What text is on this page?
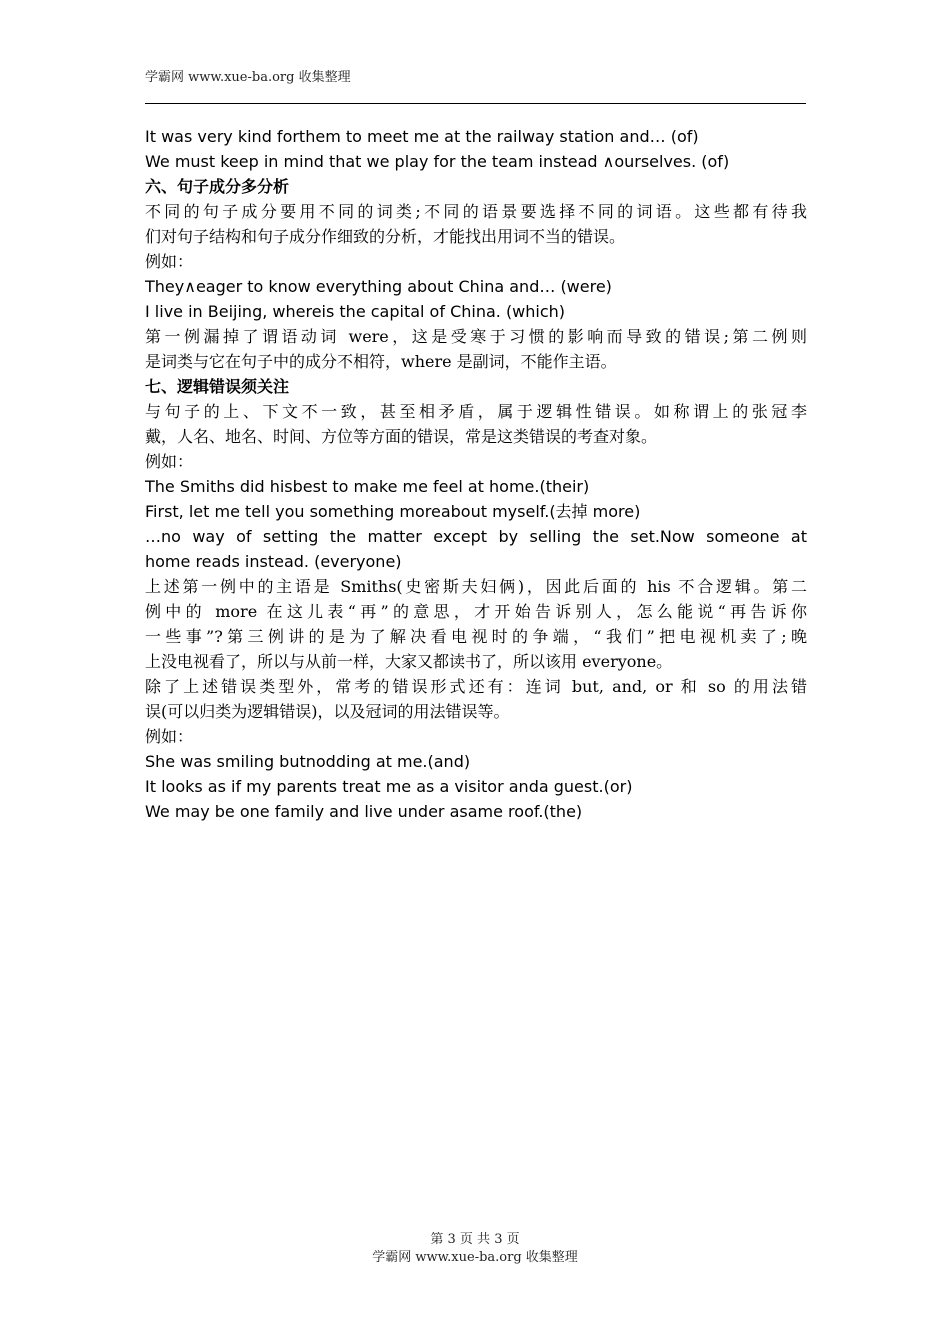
学霸网 www.xue-ba.org 收集整理
It was very kind forthem to meet me at the railway station and… (of)
We must keep in mind that we play for the team instead ∧ourselves. (of)
六、句子成分多分析
不同的句子成分要用不同的词类;不同的语景要选择不同的词语。这些都有待我
们对句子结构和句子成分作细致的分析，才能找出用词不当的错误。
例如：
They∧eager to know everything about China and… (were)
I live in Beijing, whereis the capital of China. (which)
第一例漏掉了谓语动词 were，这是受寒于习惯的影响而导致的错误;第二例则
是词类与它在句子中的成分不相符，where 是副词，不能作主语。
七、逻辑错误须关注
与句子的上、下文不一致，甚至相矛盾，属于逻辑性错误。如称谓上的张冠李
戴，人名、地名、时间、方位等方面的错误，常是这类错误的考查对象。
例如：
The Smiths did hisbest to make me feel at home.(their)
First, let me tell you something moreabout myself.(去掉 more)
…no way of setting the matter except by selling the set.Now someone at
home reads instead. (everyone)
上述第一例中的主语是 Smiths(史密斯夫妇俩)，因此后面的 his 不合逻辑。第二
例中的 more 在这儿表“再”的意思，才开始告诉别人，怎么能说“再告诉你
一些事”?第三例讲的是为了解决看电视时的争端，“我们”把电视机卖了;晚
上没电视看了，所以与从前一样，大家又都读书了，所以该用 everyone。
除了上述错误类型外，常考的错误形式还有：连词 but, and, or 和 so 的用法错
误(可以归类为逻辑错误)，以及冠词的用法错误等。
例如：
She was smiling butnodding at me.(and)
It looks as if my parents treat me as a visitor anda guest.(or)
We may be one family and live under asame roof.(the)
第 3 页 共 3 页
学霸网 www.xue-ba.org 收集整理
